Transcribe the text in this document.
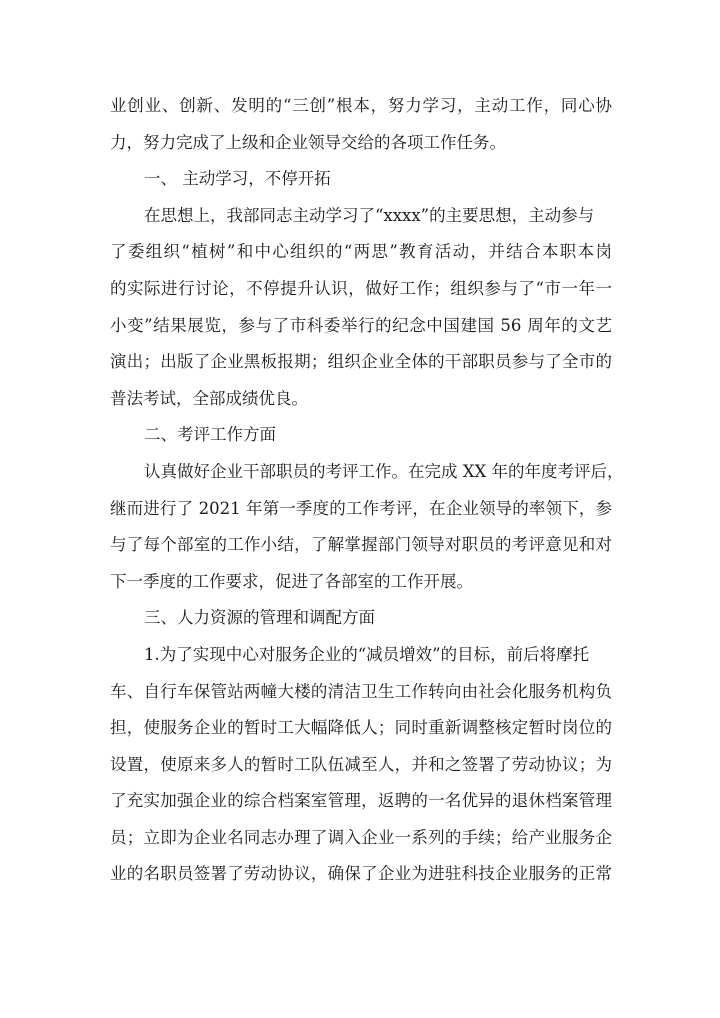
业创业、创新、发明的“三创”根本，努力学习，主动工作，同心协
力，努力完成了上级和企业领导交给的各项工作任务。
一、 主动学习，不停开拓
在思想上，我部同志主动学习了“xxxx”的主要思想，主动参与
了委组织“植树”和中心组织的“两思”教育活动，并结合本职本岗
的实际进行讨论，不停提升认识，做好工作；组织参与了“市一年一
小变”结果展览，参与了市科委举行的纪念中国建国 56 周年的文艺
演出；出版了企业黑板报期；组织企业全体的干部职员参与了全市的
普法考试，全部成绩优良。
二、考评工作方面
认真做好企业干部职员的考评工作。在完成 XX 年的年度考评后，
继而进行了 2021 年第一季度的工作考评，在企业领导的率领下，参
与了每个部室的工作小结，了解掌握部门领导对职员的考评意见和对
下一季度的工作要求，促进了各部室的工作开展。
三、人力资源的管理和调配方面
1.为了实现中心对服务企业的“减员增效”的目标，前后将摩托
车、自行车保管站两幢大楼的清洁卫生工作转向由社会化服务机构负
担，使服务企业的暂时工大幅降低人；同时重新调整核定暂时岗位的
设置，使原来多人的暂时工队伍减至人，并和之签署了劳动协议；为
了充实加强企业的综合档案室管理，返聘的一名优异的退休档案管理
员；立即为企业名同志办理了调入企业一系列的手续；给产业服务企
业的名职员签署了劳动协议，确保了企业为进驻科技企业服务的正常
